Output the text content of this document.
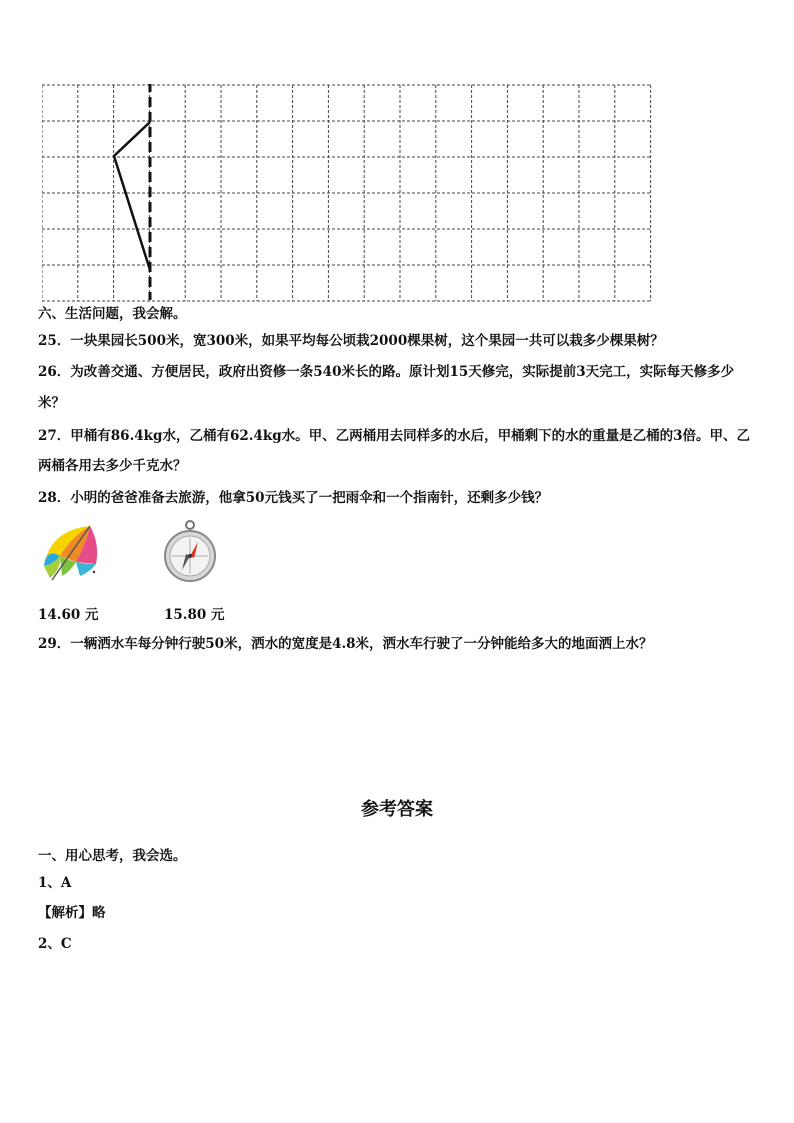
六、生活问题，我会解。
25．一块果园长500米，宽300米，如果平均每公顷栽2000棵果树，这个果园一共可以栽多少棵果树？
26．为改善交通、方便居民，政府出资修一条540米长的路。原计划15天修完，实际提前3天完工，实际每天修多少
米？
27．甲桶有86.4kg水，乙桶有62.4kg水。甲、乙两桶用去同样多的水后，甲桶剩下的水的重量是乙桶的3倍。甲、乙
两桶各用去多少千克水？
28．小明的爸爸准备去旅游，他拿50元钱买了一把雨伞和一个指南针，还剩多少钱？
14.60 元	15.80 元
29．一辆洒水车每分钟行驶50米，洒水的宽度是4.8米，洒水车行驶了一分钟能给多大的地面洒上水？
参考答案
一、用心思考，我会选。
1、A
【解析】略
2、C
